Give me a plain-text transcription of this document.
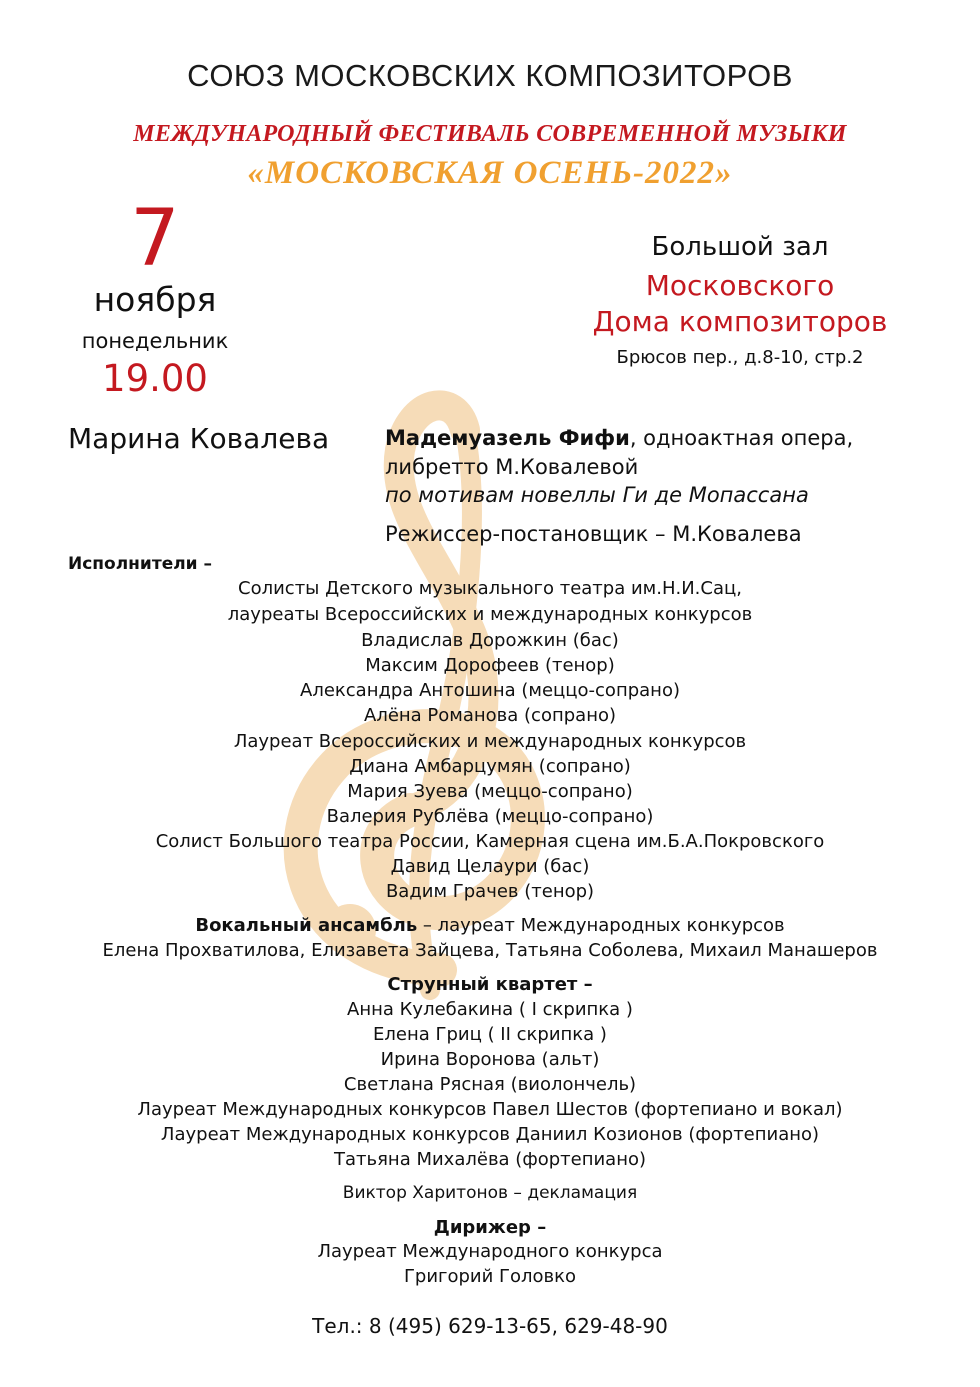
СОЮЗ МОСКОВСКИХ КОМПОЗИТОРОВ
МЕЖДУНАРОДНЫЙ ФЕСТИВАЛЬ СОВРЕМЕННОЙ МУЗЫКИ
«МОСКОВСКАЯ ОСЕНЬ-2022»
7
ноября
понедельник
19.00
Большой зал
Московского
Дома композиторов
Брюсов пер., д.8-10, стр.2
Марина Ковалева	Мадемуазель Фифи, одноактная опера,
либретто М.Ковалевой
по мотивам новеллы Ги де Мопассана
Режиссер-постановщик – М.Ковалева
Исполнители –
Солисты Детского музыкального театра им.Н.И.Сац,
лауреаты Всероссийских и международных конкурсов
Владислав Дорожкин (бас)
Максим Дорофеев (тенор)
Александра Антошина (меццо-сопрано)
Алёна Романова (сопрано)
Лауреат Всероссийских и международных конкурсов
Диана Амбарцумян (сопрано)
Мария Зуева (меццо-сопрано)
Валерия Рублёва (меццо-сопрано)
Солист Большого театра России, Камерная сцена им.Б.А.Покровского
Давид Целаури (бас)
Вадим Грачев (тенор)
Вокальный ансамбль – лауреат Международных конкурсов
Елена Прохватилова, Елизавета Зайцева, Татьяна Соболева, Михаил Манашеров
Струнный квартет –
Анна Кулебакина ( I скрипка )
Елена Гриц ( II скрипка )
Ирина Воронова (альт)
Светлана Рясная (виолончель)
Лауреат Международных конкурсов Павел Шестов (фортепиано и вокал)
Лауреат Международных конкурсов Даниил Козионов (фортепиано)
Татьяна Михалёва (фортепиано)
Виктор Харитонов – декламация
Дирижер –
Лауреат Международного конкурса
Григорий Головко
Тел.: 8 (495) 629-13-65, 629-48-90
